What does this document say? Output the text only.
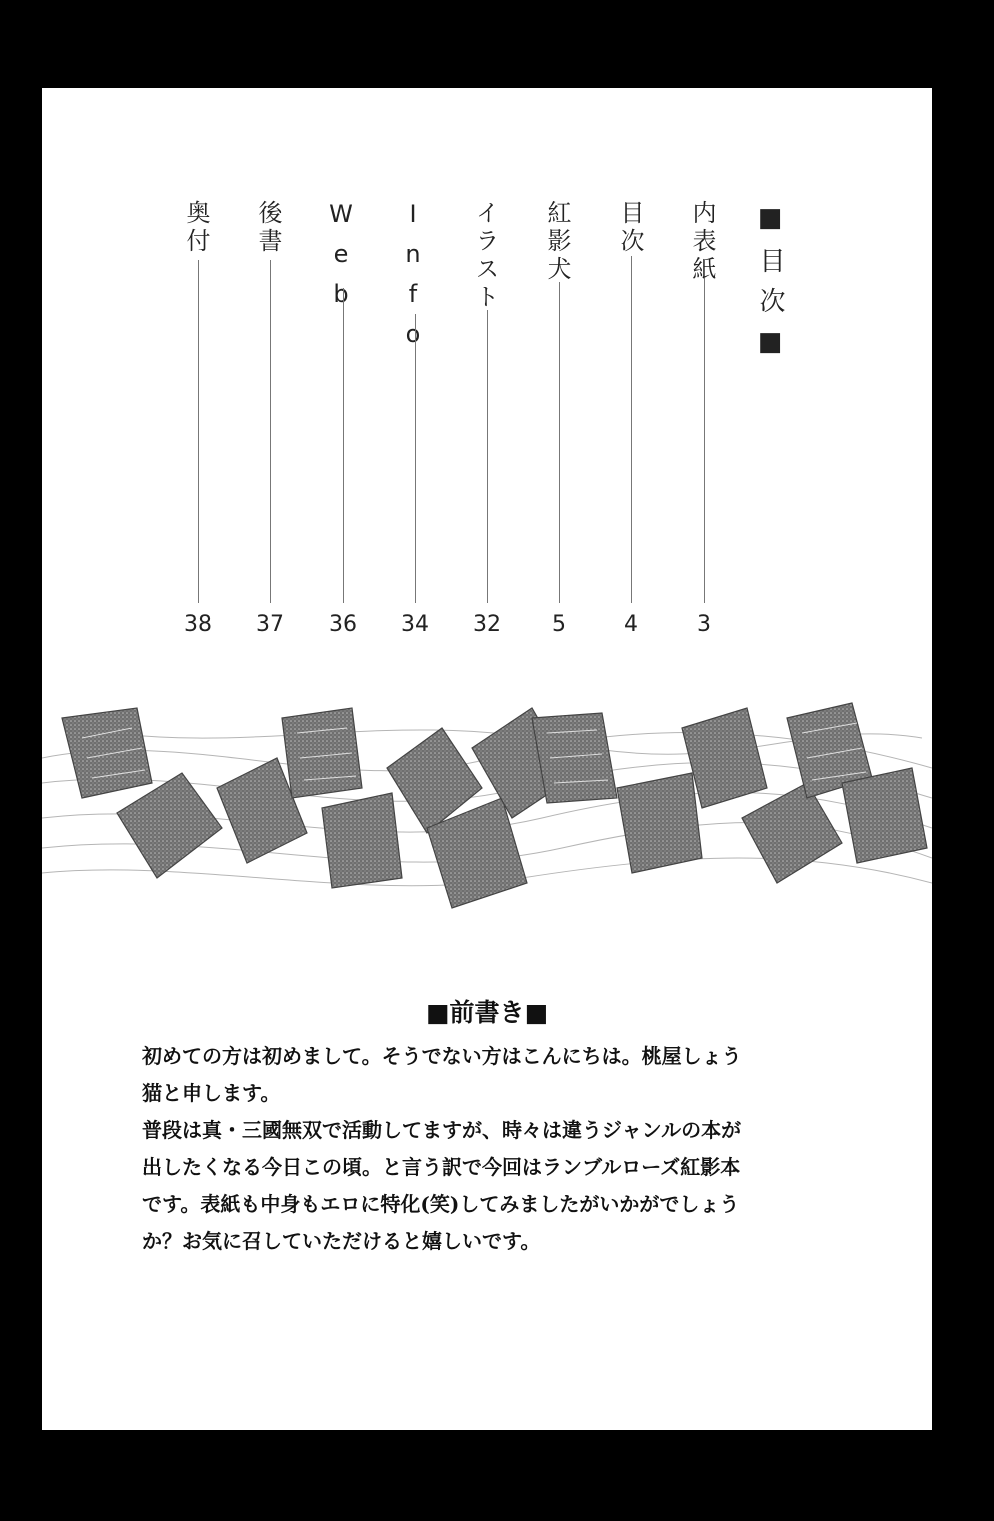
■目次■
内表紙
3
目次
4
紅影犬
5
イラスト
32
Info
34
Web
36
後書
37
奥付
38
■前書き■

初めての方は初めまして。そうでない方はこんにちは。桃屋しょう

猫と申します。

普段は真・三國無双で活動してますが、時々は違うジャンルの本が

出したくなる今日この頃。と言う訳で今回はランブルローズ紅影本

です。表紙も中身もエロに特化(笑)してみましたがいかがでしょう

か？お気に召していただけると嬉しいです。
